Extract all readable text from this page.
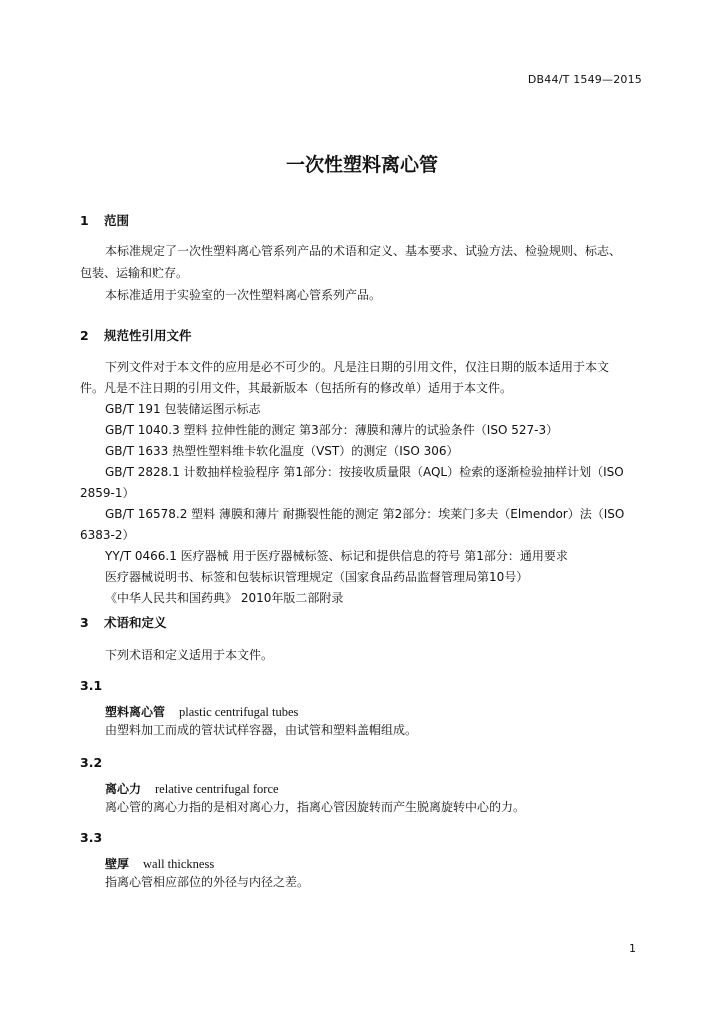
DB44/T 1549—2015
一次性塑料离心管
1 范围
本标准规定了一次性塑料离心管系列产品的术语和定义、基本要求、试验方法、检验规则、标志、
包装、运输和贮存。
本标准适用于实验室的一次性塑料离心管系列产品。
2 规范性引用文件
下列文件对于本文件的应用是必不可少的。凡是注日期的引用文件，仅注日期的版本适用于本文
件。凡是不注日期的引用文件，其最新版本（包括所有的修改单）适用于本文件。
GB/T 191 包装储运图示标志
GB/T 1040.3 塑料 拉伸性能的测定 第3部分：薄膜和薄片的试验条件（ISO 527-3）
GB/T 1633 热塑性塑料维卡软化温度（VST）的测定（ISO 306）
GB/T 2828.1 计数抽样检验程序 第1部分：按接收质量限（AQL）检索的逐渐检验抽样计划（ISO
2859-1）
GB/T 16578.2 塑料 薄膜和薄片 耐撕裂性能的测定 第2部分：埃莱门多夫（Elmendor）法（ISO
6383-2）
YY/T 0466.1 医疗器械 用于医疗器械标签、标记和提供信息的符号 第1部分：通用要求
医疗器械说明书、标签和包装标识管理规定（国家食品药品监督管理局第10号）
《中华人民共和国药典》 2010年版二部附录
3 术语和定义
下列术语和定义适用于本文件。
3.1
塑料离心管 plastic centrifugal tubes
由塑料加工而成的管状试样容器，由试管和塑料盖帽组成。
3.2
离心力 relative centrifugal force
离心管的离心力指的是相对离心力，指离心管因旋转而产生脱离旋转中心的力。
3.3
壁厚 wall thickness
指离心管相应部位的外径与内径之差。
1
